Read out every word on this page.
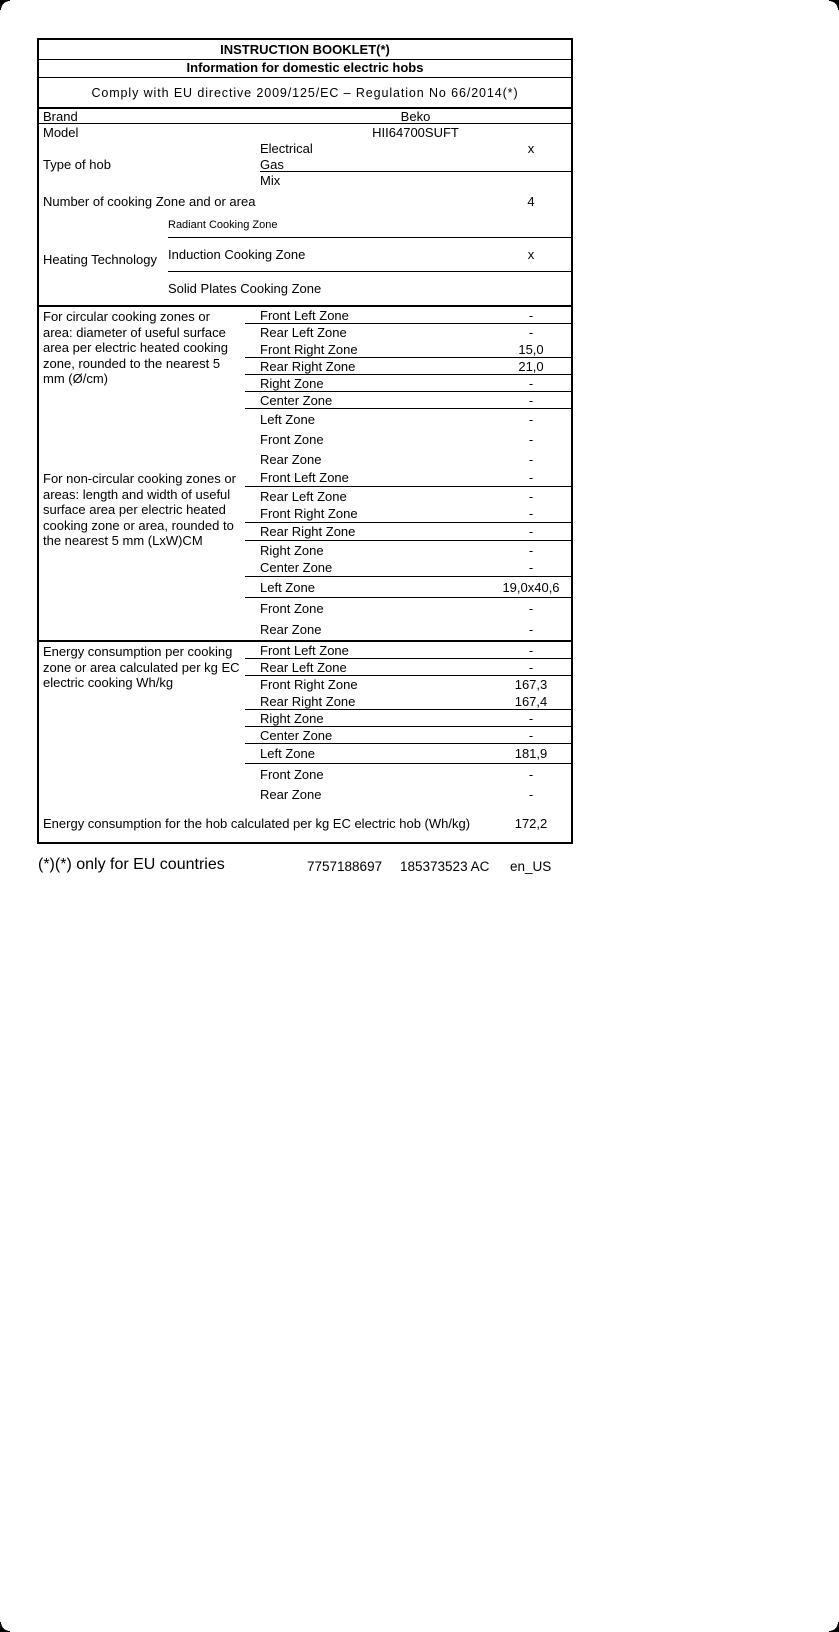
INSTRUCTION BOOKLET(*)
Information for domestic electric hobs
Comply with EU directive 2009/125/EC – Regulation No 66/2014(*)
Brand	Beko
Model	HII64700SUFT
Type of hob
Electrical	x
Gas
Mix
Number of cooking Zone and or area	4
Heating Technology
Radiant Cooking Zone
Induction Cooking Zone	x
Solid Plates Cooking Zone
For circular cooking zones or area: diameter of useful surface area per electric heated cooking zone, rounded to the nearest 5 mm (Ø/cm)
Front Left Zone	-
Rear Left Zone	-
Front Right Zone	15,0
Rear Right Zone	21,0
Right Zone	-
Center Zone	-
Left Zone	-
Front Zone	-
Rear Zone	-
For non-circular cooking zones or areas: length and width of useful surface area per electric heated cooking zone or area, rounded to the nearest 5 mm (LxW)CM
Front Left Zone	-
Rear Left Zone	-
Front Right Zone	-
Rear Right Zone	-
Right Zone	-
Center Zone	-
Left Zone	19,0x40,6
Front Zone	-
Rear Zone	-
Energy consumption per cooking zone or area calculated per kg EC electric cooking Wh/kg
Front Left Zone	-
Rear Left Zone	-
Front Right Zone	167,3
Rear Right Zone	167,4
Right Zone	-
Center Zone	-
Left Zone	181,9
Front Zone	-
Rear Zone	-
Energy consumption for the hob calculated per kg EC electric hob (Wh/kg)	172,2
(*)(*) only for EU countries	7757188697 185373523 AC en_US
